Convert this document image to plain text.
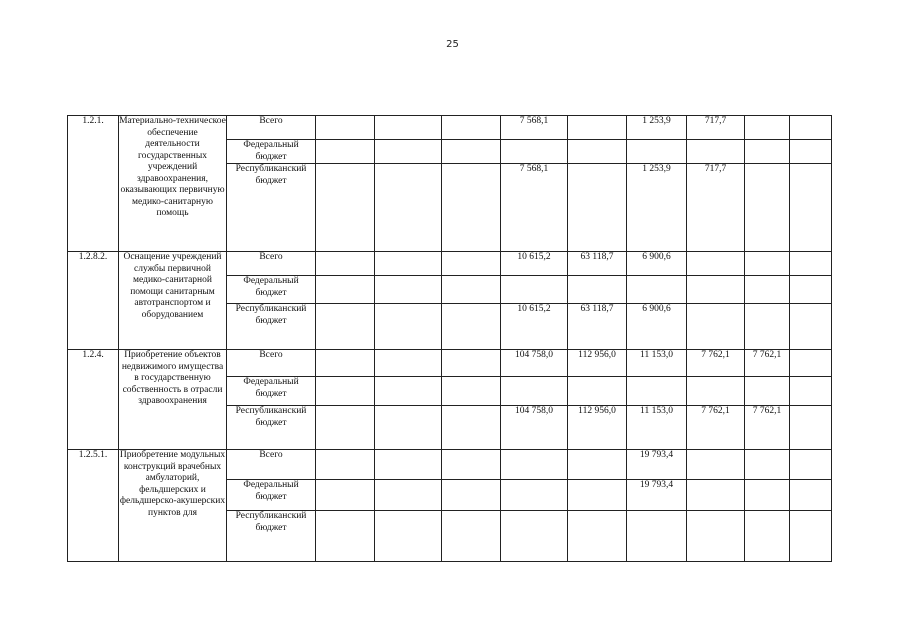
25
1.2.1.	Материально-техническое обеспечение деятельности государственных учреждений здравоохранения, оказывающих первичную медико-санитарную помощь	Всего				7 568,1		1 253,9	717,7		
		Федеральный бюджет									
		Республиканский бюджет				7 568,1		1 253,9	717,7		
1.2.8.2.	Оснащение учреждений службы первичной медико-санитарной помощи санитарным автотранспортом и оборудованием	Всего				10 615,2	63 118,7	6 900,6			
		Федеральный бюджет									
		Республиканский бюджет				10 615,2	63 118,7	6 900,6			
1.2.4.	Приобретение объектов недвижимого имущества в государственную собственность в отрасли здравоохранения	Всего				104 758,0	112 956,0	11 153,0	7 762,1	7 762,1	
		Федеральный бюджет									
		Республиканский бюджет				104 758,0	112 956,0	11 153,0	7 762,1	7 762,1	
1.2.5.1.	Приобретение модульных конструкций врачебных амбулаторий, фельдшерских и фельдшерско-акушерских пунктов для	Всего						19 793,4			
		Федеральный бюджет						19 793,4			
		Республиканский бюджет									
